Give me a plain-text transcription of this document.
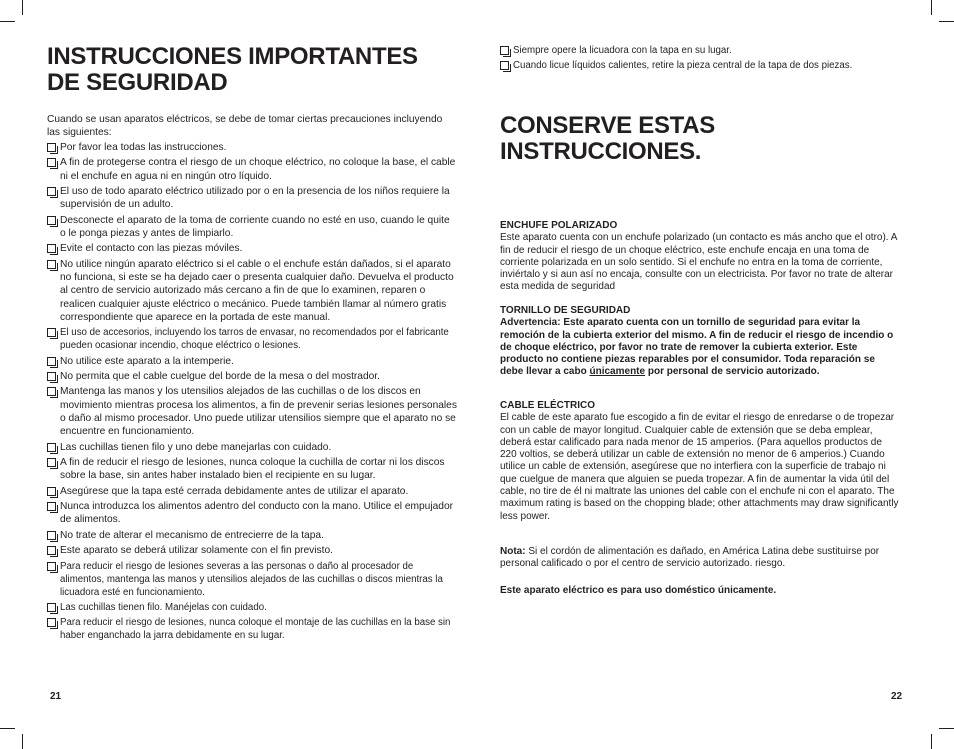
INSTRUCCIONES IMPORTANTES
DE SEGURIDAD
Cuando se usan aparatos eléctricos, se debe de tomar ciertas precauciones incluyendo las siguientes:
Por favor lea todas las instrucciones.
A fin de protegerse contra el riesgo de un choque eléctrico, no coloque la base, el cable ni el enchufe en agua ni en ningún otro líquido.
El uso de todo aparato eléctrico utilizado por o en la presencia de los niños requiere la supervisión de un adulto.
Desconecte el aparato de la toma de corriente cuando no esté en uso, cuando le quite o le ponga piezas y antes de limpiarlo.
Evite el contacto con las piezas móviles.
No utilice ningún aparato eléctrico si el cable o el enchufe están dañados, si el aparato no funciona, si este se ha dejado caer o presenta cualquier daño. Devuelva el producto al centro de servicio autorizado más cercano a fin de que lo examinen, reparen o realicen cualquier ajuste eléctrico o mecánico. Puede también llamar al número gratis correspondiente que aparece en la portada de este manual.
El uso de accesorios, incluyendo los tarros de envasar, no recomendados por el fabricante pueden ocasionar incendio, choque eléctrico o lesiones.
No utilice este aparato a la intemperie.
No permita que el cable cuelgue del borde de la mesa o del mostrador.
Mantenga las manos y los utensilios alejados de las cuchillas o de los discos en movimiento mientras procesa los alimentos, a fin de prevenir serias lesiones personales o daño al mismo procesador. Uno puede utilizar utensilios siempre que el aparato no se encuentre en funcionamiento.
Las cuchillas tienen filo y uno debe manejarlas con cuidado.
A fin de reducir el riesgo de lesiones, nunca coloque la cuchilla de cortar ni los discos sobre la base, sin antes haber instalado bien el recipiente en su lugar.
Asegúrese que la tapa esté cerrada debidamente antes de utilizar el aparato.
Nunca introduzca los alimentos adentro del conducto con la mano. Utilice el empujador de alimentos.
No trate de alterar el mecanismo de entrecierre de la tapa.
Este aparato se deberá utilizar solamente con el fin previsto.
Para reducir el riesgo de lesiones severas a las personas o daño al procesador de alimentos, mantenga las manos y utensilios alejados de las cuchillas o discos mientras la licuadora esté en funcionamiento.
Las cuchillas tienen filo. Manéjelas con cuidado.
Para reducir el riesgo de lesiones, nunca coloque el montaje de las cuchillas en la base sin haber enganchado la jarra debidamente en su lugar.
21
Siempre opere la licuadora con la tapa en su lugar.
Cuando licue líquidos calientes, retire la pieza central de la tapa de dos piezas.
CONSERVE ESTAS
INSTRUCCIONES.
ENCHUFE POLARIZADO
Este aparato cuenta con un enchufe polarizado (un contacto es más ancho que el otro). A fin de reducir el riesgo de un choque eléctrico, este enchufe encaja en una toma de corriente polarizada en un solo sentido. Si el enchufe no entra en la toma de corriente, inviértalo y si aun así no encaja, consulte con un electricista. Por favor no trate de alterar esta medida de seguridad
TORNILLO DE SEGURIDAD
Advertencia: Este aparato cuenta con un tornillo de seguridad para evitar la remoción de la cubierta exterior del mismo. A fin de reducir el riesgo de incendio o de choque eléctrico, por favor no trate de remover la cubierta exterior. Este producto no contiene piezas reparables por el consumidor. Toda reparación se debe llevar a cabo únicamente por personal de servicio autorizado.
CABLE ELÉCTRICO
El cable de este aparato fue escogido a fin de evitar el riesgo de enredarse o de tropezar con un cable de mayor longitud. Cualquier cable de extensión que se deba emplear, deberá estar calificado para nada menor de 15 amperios. (Para aquellos productos de 220 voltios, se deberá utilizar un cable de extensión no menor de 6 amperios.) Cuando utilice un cable de extensión, asegúrese que no interfiera con la superficie de trabajo ni que cuelgue de manera que alguien se pueda tropezar. A fin de aumentar la vida útil del cable, no tire de él ni maltrate las uniones del cable con el enchufe ni con el aparato. The maximum rating is based on the chopping blade; other attachments may draw significantly less power.
Nota: Si el cordón de alimentación es dañado, en América Latina debe sustituirse por personal calificado o por el centro de servicio autorizado. riesgo.
Este aparato eléctrico es para uso doméstico únicamente.
22
